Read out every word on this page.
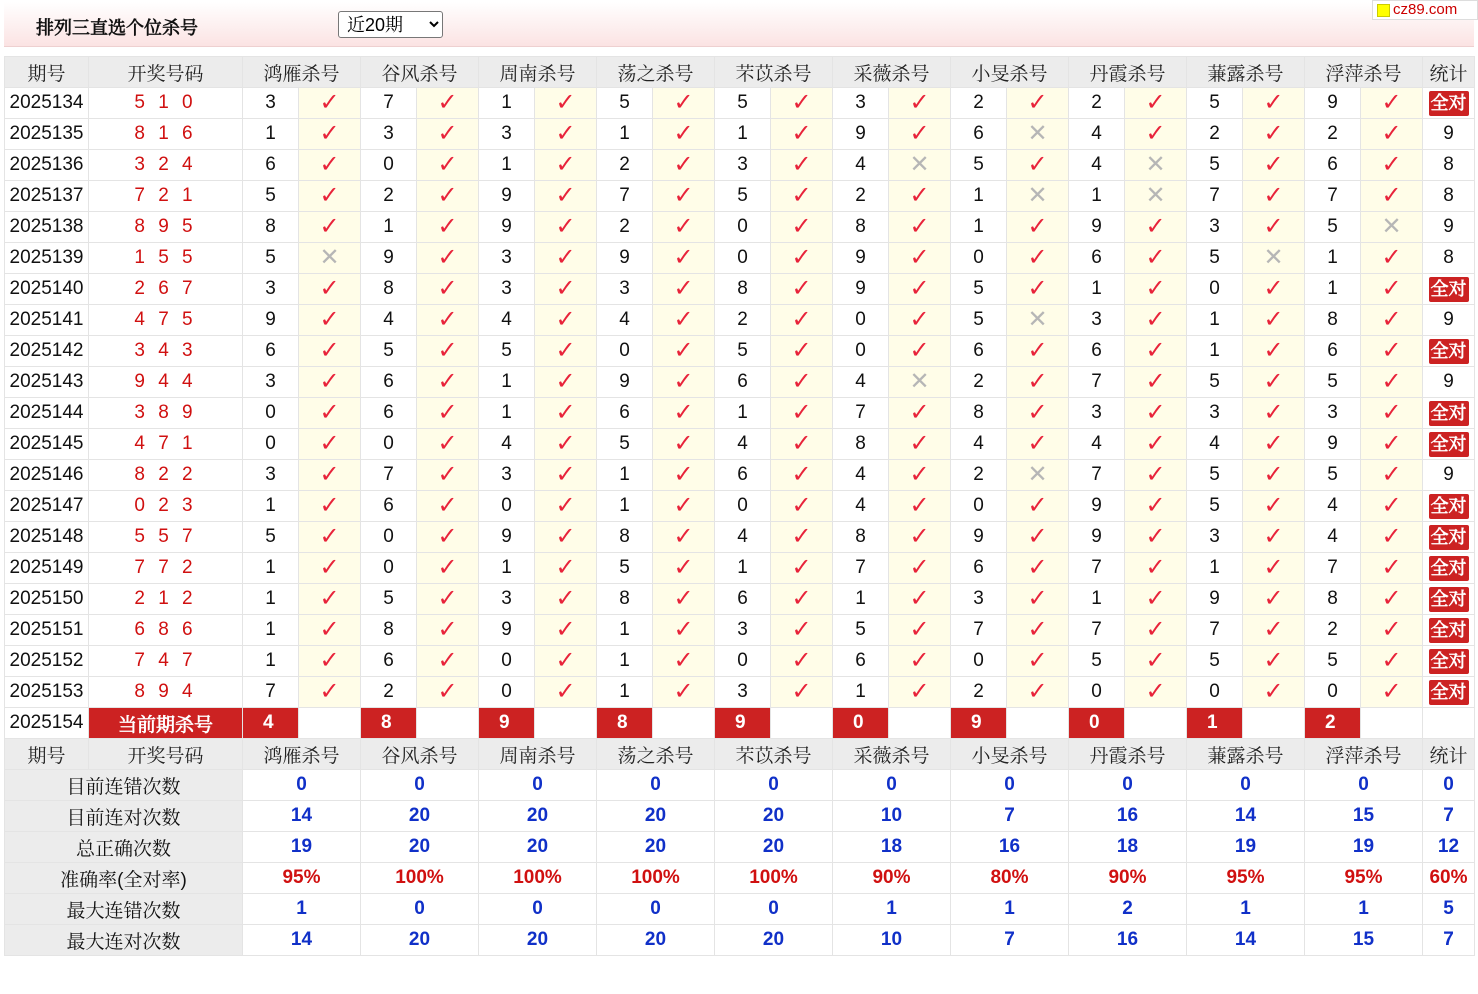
排列三直选个位杀号
近20期
cz89.com
期号	开奖号码	鸿雁杀号		谷风杀号		周南杀号		荡之杀号		芣苡杀号		采薇杀号		小旻杀号		丹霞杀号		蒹露杀号		浮萍杀号		统计
2025134	5 1 0	3	✓	7	✓	1	✓	5	✓	5	✓	3	✓	2	✓	2	✓	5	✓	9	✓	全对
2025135	8 1 6	1	✓	3	✓	3	✓	1	✓	1	✓	9	✓	6	✕	4	✓	2	✓	2	✓	9
2025136	3 2 4	6	✓	0	✓	1	✓	2	✓	3	✓	4	✕	5	✓	4	✕	5	✓	6	✓	8
2025137	7 2 1	5	✓	2	✓	9	✓	7	✓	5	✓	2	✓	1	✕	1	✕	7	✓	7	✓	8
2025138	8 9 5	8	✓	1	✓	9	✓	2	✓	0	✓	8	✓	1	✓	9	✓	3	✓	5	✕	9
2025139	1 5 5	5	✕	9	✓	3	✓	9	✓	0	✓	9	✓	0	✓	6	✓	5	✕	1	✓	8
2025140	2 6 7	3	✓	8	✓	3	✓	3	✓	8	✓	9	✓	5	✓	1	✓	0	✓	1	✓	全对
2025141	4 7 5	9	✓	4	✓	4	✓	4	✓	2	✓	0	✓	5	✕	3	✓	1	✓	8	✓	9
2025142	3 4 3	6	✓	5	✓	5	✓	0	✓	5	✓	0	✓	6	✓	6	✓	1	✓	6	✓	全对
2025143	9 4 4	3	✓	6	✓	1	✓	9	✓	6	✓	4	✕	2	✓	7	✓	5	✓	5	✓	9
2025144	3 8 9	0	✓	6	✓	1	✓	6	✓	1	✓	7	✓	8	✓	3	✓	3	✓	3	✓	全对
2025145	4 7 1	0	✓	0	✓	4	✓	5	✓	4	✓	8	✓	4	✓	4	✓	4	✓	9	✓	全对
2025146	8 2 2	3	✓	7	✓	3	✓	1	✓	6	✓	4	✓	2	✕	7	✓	5	✓	5	✓	9
2025147	0 2 3	1	✓	6	✓	0	✓	1	✓	0	✓	4	✓	0	✓	9	✓	5	✓	4	✓	全对
2025148	5 5 7	5	✓	0	✓	9	✓	8	✓	4	✓	8	✓	9	✓	9	✓	3	✓	4	✓	全对
2025149	7 7 2	1	✓	0	✓	1	✓	5	✓	1	✓	7	✓	6	✓	7	✓	1	✓	7	✓	全对
2025150	2 1 2	1	✓	5	✓	3	✓	8	✓	6	✓	1	✓	3	✓	1	✓	9	✓	8	✓	全对
2025151	6 8 6	1	✓	8	✓	9	✓	1	✓	3	✓	5	✓	7	✓	7	✓	7	✓	2	✓	全对
2025152	7 4 7	1	✓	6	✓	0	✓	1	✓	0	✓	6	✓	0	✓	5	✓	5	✓	5	✓	全对
2025153	8 9 4	7	✓	2	✓	0	✓	1	✓	3	✓	1	✓	2	✓	0	✓	0	✓	0	✓	全对
2025154	当前期杀号	4		8		9		8		9		0		9		0		1		2		
期号	开奖号码	鸿雁杀号		谷风杀号		周南杀号		荡之杀号		芣苡杀号		采薇杀号		小旻杀号		丹霞杀号		蒹露杀号		浮萍杀号		统计
目前连错次数		0		0		0		0		0		0		0		0		0		0		0
目前连对次数		14		20		20		20		20		10		7		16		14		15		7
总正确次数		19		20		20		20		20		18		16		18		19		19		12
准确率(全对率)		95%		100%		100%		100%		100%		90%		80%		90%		95%		95%		60%
最大连错次数		1		0		0		0		0		1		1		2		1		1		5
最大连对次数		14		20		20		20		20		10		7		16		14		15		7
